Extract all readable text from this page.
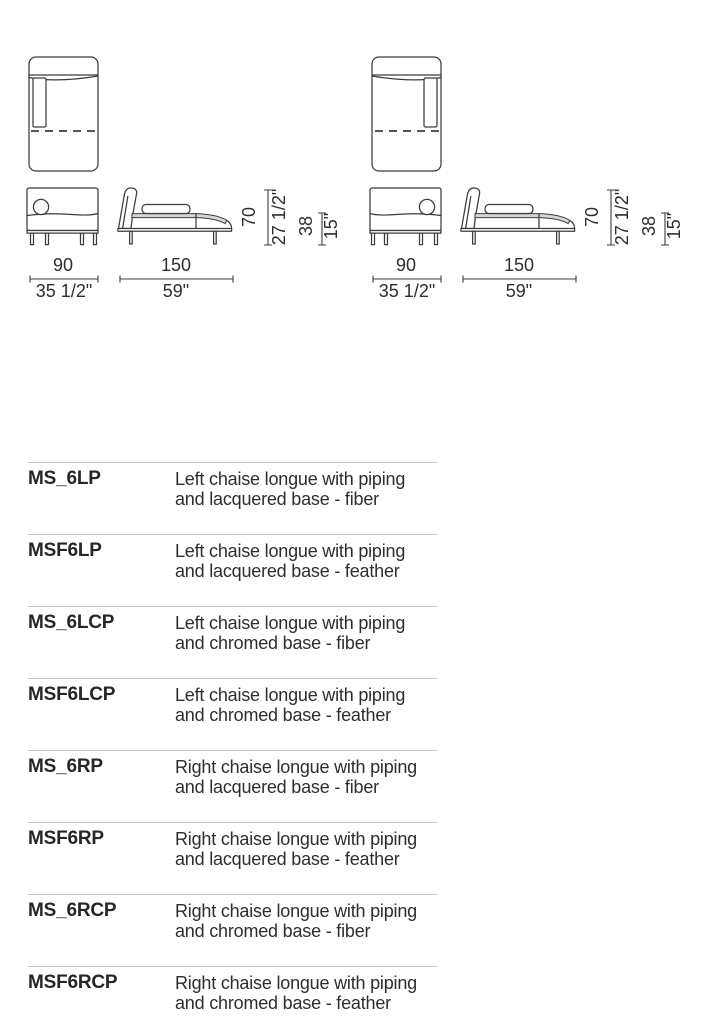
70 27 1/2" 38 15"
90
35 1/2"
150
59"
70 27 1/2" 38 15"
90
35 1/2"
150
59"
MS_6LP	Left chaise longue with piping and lacquered base - fiber
MSF6LP	Left chaise longue with piping and lacquered base - feather
MS_6LCP	Left chaise longue with piping and chromed base - fiber
MSF6LCP	Left chaise longue with piping and chromed base - feather
MS_6RP	Right chaise longue with piping and lacquered base - fiber
MSF6RP	Right chaise longue with piping and lacquered base - feather
MS_6RCP	Right chaise longue with piping and chromed base - fiber
MSF6RCP	Right chaise longue with piping and chromed base - feather
